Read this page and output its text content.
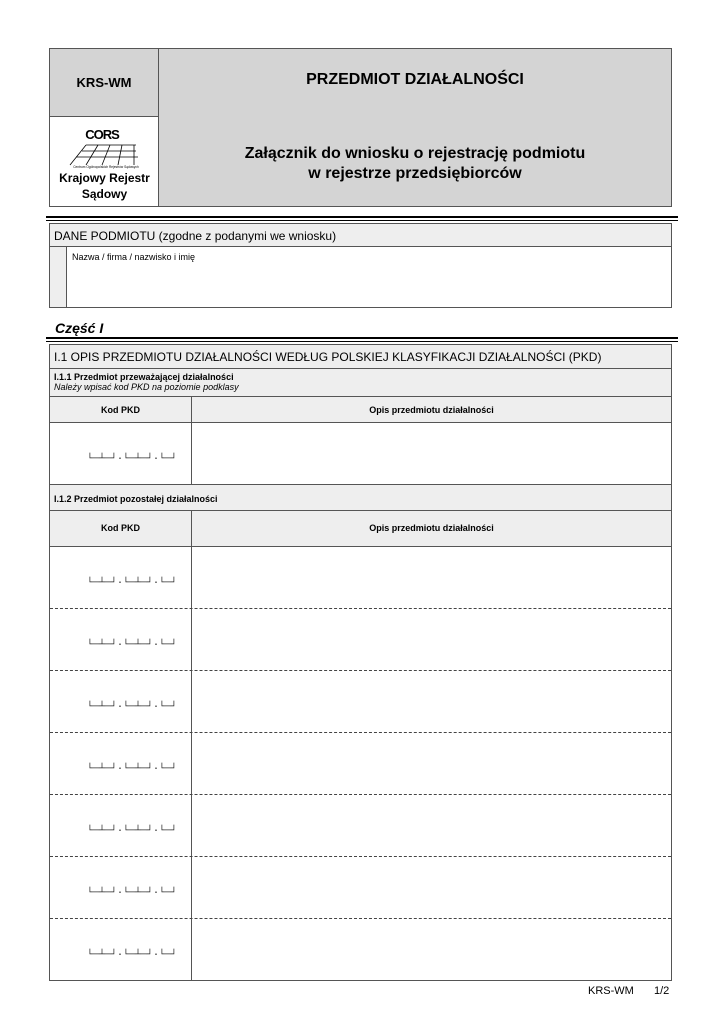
KRS-WM
CORS
Centrum Ogólnopolskich Rejestrów Sądowych
Krajowy Rejestr
Sądowy
PRZEDMIOT DZIAŁALNOŚCI
Załącznik do wniosku o rejestrację podmiotu
w rejestrze przedsiębiorców
DANE PODMIOTU (zgodne z podanymi we wniosku)
Nazwa / firma / nazwisko i imię
Część I
I.1 OPIS PRZEDMIOTU DZIAŁALNOŚCI WEDŁUG POLSKIEJ KLASYFIKACJI DZIAŁALNOŚCI (PKD)
I.1.1 Przedmiot przeważającej działalności
Należy wpisać kod PKD na poziomie podklasy
Kod PKD	Opis przedmiotu działalności
└─┴─┘·└─┴─┘·└─┘
I.1.2 Przedmiot pozostałej działalności
Kod PKD	Opis przedmiotu działalności
└─┴─┘·└─┴─┘·└─┘
└─┴─┘·└─┴─┘·└─┘
└─┴─┘·└─┴─┘·└─┘
└─┴─┘·└─┴─┘·└─┘
└─┴─┘·└─┴─┘·└─┘
└─┴─┘·└─┴─┘·└─┘
└─┴─┘·└─┴─┘·└─┘
KRS-WM 1/2
